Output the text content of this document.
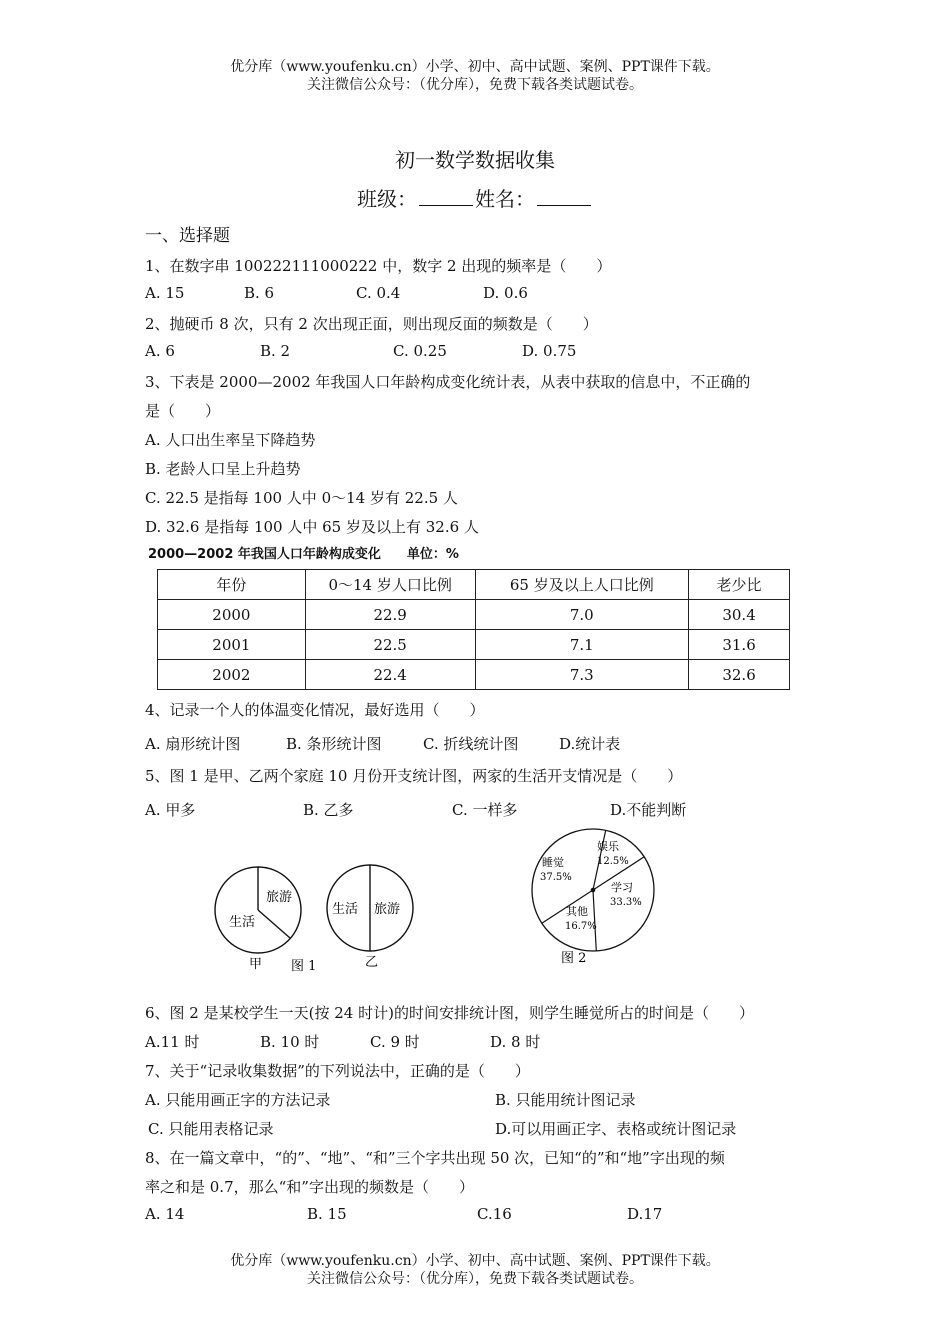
优分库（www.youfenku.cn）小学、初中、高中试题、案例、PPT课件下载。
关注微信公众号：（优分库），免费下载各类试题试卷。
初一数学数据收集
班级：	姓名：
一、选择题
1、在数字串 100222111000222 中，数字 2 出现的频率是（　　）
A. 15	B. 6	C. 0.4	D. 0.6
2、抛硬币 8 次，只有 2 次出现正面，则出现反面的频数是（　　）
A. 6	B. 2	C. 0.25	D. 0.75
3、下表是 2000—2002 年我国人口年龄构成变化统计表，从表中获取的信息中，不正确的
是（　　）
A. 人口出生率呈下降趋势
B. 老龄人口呈上升趋势
C. 22.5 是指每 100 人中 0～14 岁有 22.5 人
D. 32.6 是指每 100 人中 65 岁及以上有 32.6 人
2000—2002 年我国人口年龄构成变化　　单位：%
年份	0～14 岁人口比例	65 岁及以上人口比例	老少比
2000	22.9	7.0	30.4
2001	22.5	7.1	31.6
2002	22.4	7.3	32.6
4、记录一个人的体温变化情况，最好选用（　　）
A. 扇形统计图	B. 条形统计图	C. 折线统计图	D.统计表
5、图 1 是甲、乙两个家庭 10 月份开支统计图，两家的生活开支情况是（　　）
A. 甲多	B. 乙多	C. 一样多	D.不能判断
旅游
生活
甲 图 1
生活 旅游
乙
睡觉
37.5%
娱乐
12.5%
学习
33.3%
其他
16.7%
图 2
6、图 2 是某校学生一天(按 24 时计)的时间安排统计图，则学生睡觉所占的时间是（　　）
A.11 时	B. 10 时	C. 9 时	D. 8 时
7、关于“记录收集数据”的下列说法中，正确的是（　　）
A. 只能用画正字的方法记录	B. 只能用统计图记录
C. 只能用表格记录	D.可以用画正字、表格或统计图记录
8、在一篇文章中，“的”、“地”、“和”三个字共出现 50 次，已知“的”和“地”字出现的频
率之和是 0.7，那么“和”字出现的频数是（　　）
A. 14	B. 15	C.16	D.17
优分库（www.youfenku.cn）小学、初中、高中试题、案例、PPT课件下载。
关注微信公众号：（优分库），免费下载各类试题试卷。
